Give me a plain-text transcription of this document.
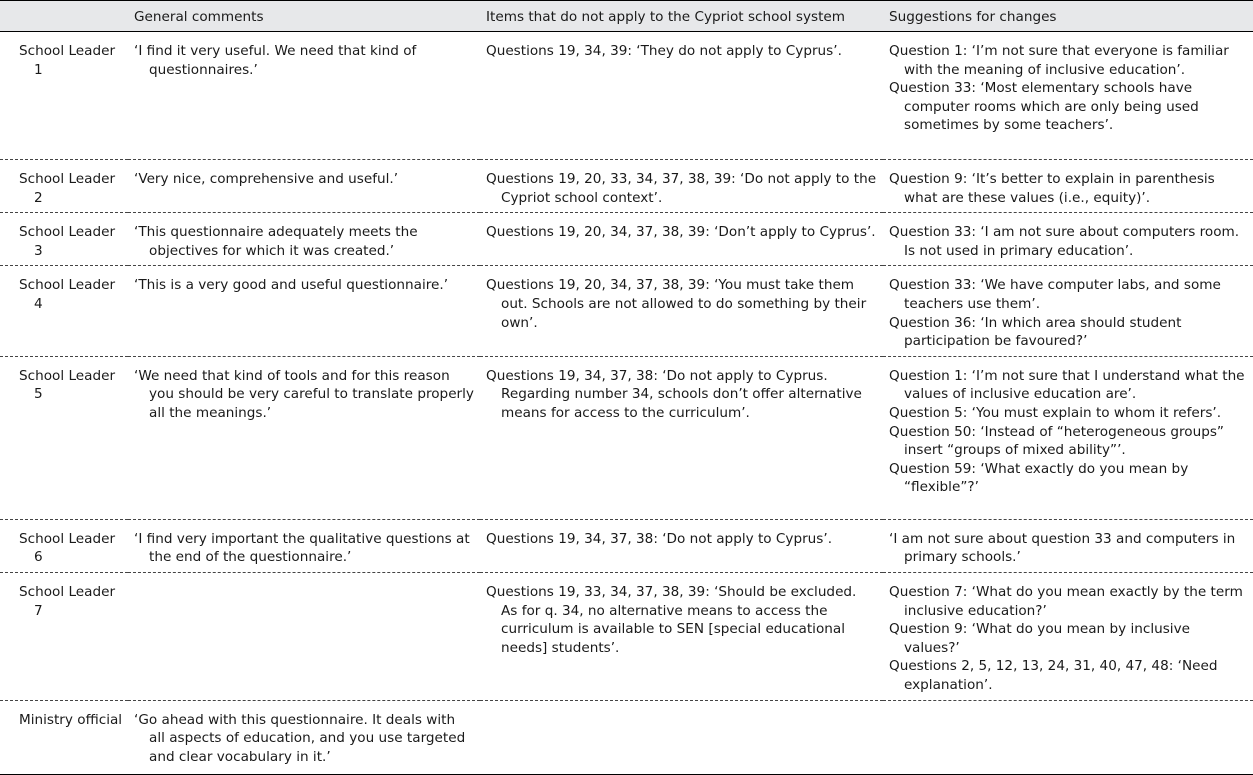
	General comments	Items that do not apply to the Cypriot school system	Suggestions for changes

School Leader 1	‘I find it very useful. We need that kind of questionnaires.’	Questions 19, 34, 39: ‘They do not apply to Cyprus’.	Question 1: ‘I’m not sure that everyone is familiar with the meaning of inclusive education’.
Question 33: ‘Most elementary schools have computer rooms which are only being used sometimes by some teachers’.

School Leader 2	‘Very nice, comprehensive and useful.’	Questions 19, 20, 33, 34, 37, 38, 39: ‘Do not apply to the Cypriot school context’.	Question 9: ‘It’s better to explain in parenthesis what are these values (i.e., equity)’.

School Leader 3	‘This questionnaire adequately meets the objectives for which it was created.’	Questions 19, 20, 34, 37, 38, 39: ‘Don’t apply to Cyprus’.	Question 33: ‘I am not sure about computers room. Is not used in primary education’.

School Leader 4	‘This is a very good and useful questionnaire.’	Questions 19, 20, 34, 37, 38, 39: ‘You must take them out. Schools are not allowed to do something by their own’.	Question 33: ‘We have computer labs, and some teachers use them’.
Question 36: ‘In which area should student participation be favoured?’

School Leader 5	‘We need that kind of tools and for this reason you should be very careful to translate properly all the meanings.’	Questions 19, 34, 37, 38: ‘Do not apply to Cyprus. Regarding number 34, schools don’t offer alternative means for access to the curriculum’.	Question 1: ‘I’m not sure that I understand what the values of inclusive education are’.
Question 5: ‘You must explain to whom it refers’.
Question 50: ‘Instead of “heterogeneous groups” insert “groups of mixed ability”’.
Question 59: ‘What exactly do you mean by “flexible”?’

School Leader 6	‘I find very important the qualitative questions at the end of the questionnaire.’	Questions 19, 34, 37, 38: ‘Do not apply to Cyprus’.	‘I am not sure about question 33 and computers in primary schools.’

School Leader 7		Questions 19, 33, 34, 37, 38, 39: ‘Should be excluded. As for q. 34, no alternative means to access the curriculum is available to SEN [special educational needs] students’.	Question 7: ‘What do you mean exactly by the term inclusive education?’
Question 9: ‘What do you mean by inclusive values?’
Questions 2, 5, 12, 13, 24, 31, 40, 47, 48: ‘Need explanation’.

Ministry official	‘Go ahead with this questionnaire. It deals with all aspects of education, and you use targeted and clear vocabulary in it.’		
